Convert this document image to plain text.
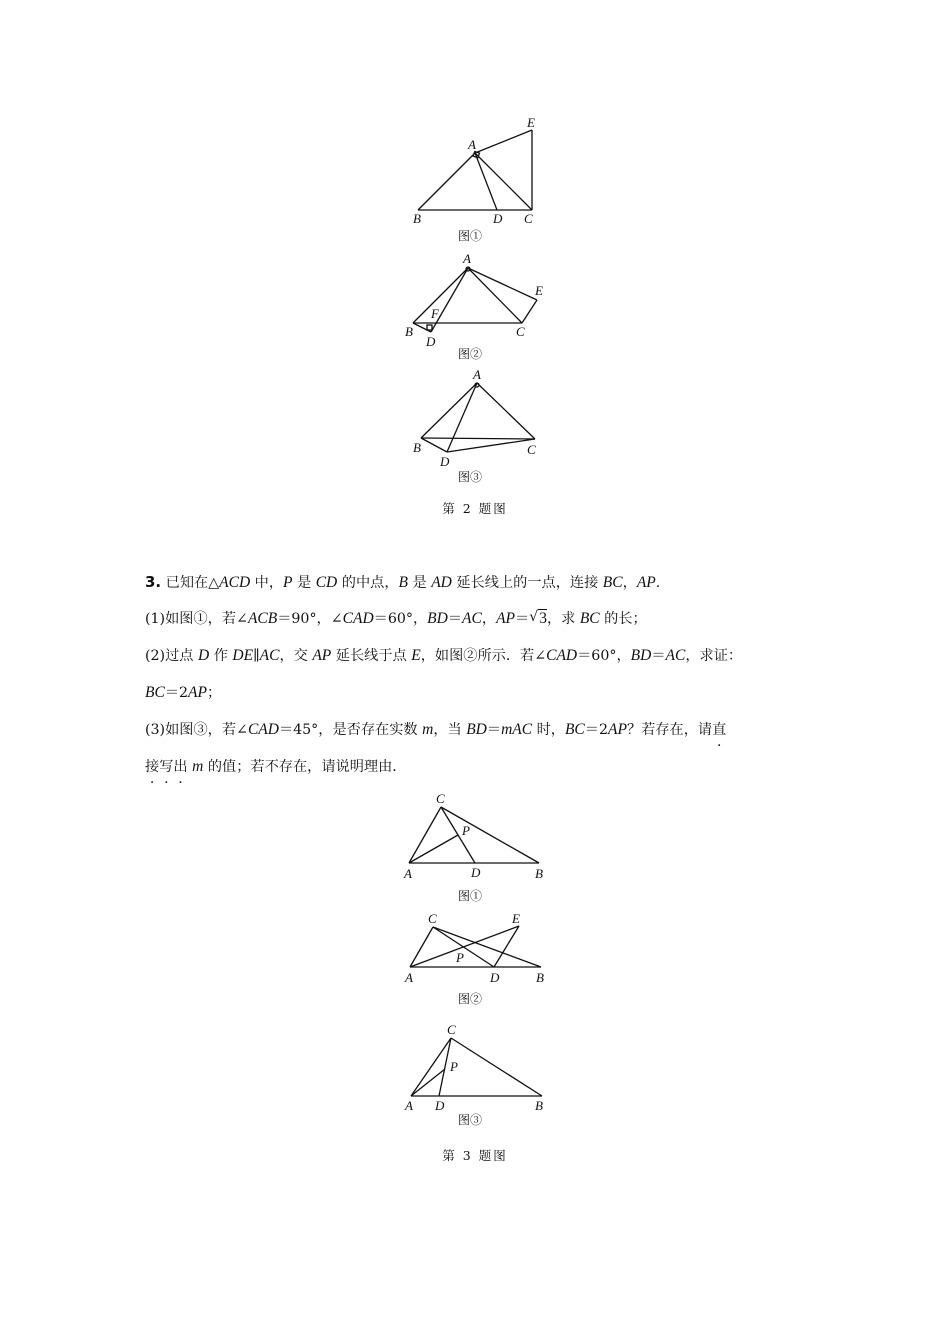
A
E
B	D C
图①
A
E
F
B
D
C
图②
A
B
D
C
图③
第 2 题图
3. 已知在△ACD 中，P 是 CD 的中点，B 是 AD 延长线上的一点，连接 BC，AP.
(1)如图①，若∠ACB＝90°，∠CAD＝60°，BD＝AC，AP＝ √ 3，求 BC 的长；
(2)过点 D 作 DE∥AC，交 AP 延长线于点 E，如图②所示．若∠CAD＝60°，BD＝AC，求证：
BC＝2AP；
(3)如图③，若∠CAD＝45°，是否存在实数 m，当 BD＝mAC 时，BC＝2AP？若存在，请直
接写出 m 的值；若不存在，请说明理由．
C
P
A	D	B
图①
C	E
P
A	D	B
图②
C
P
A D	B
图③
第 3 题图
